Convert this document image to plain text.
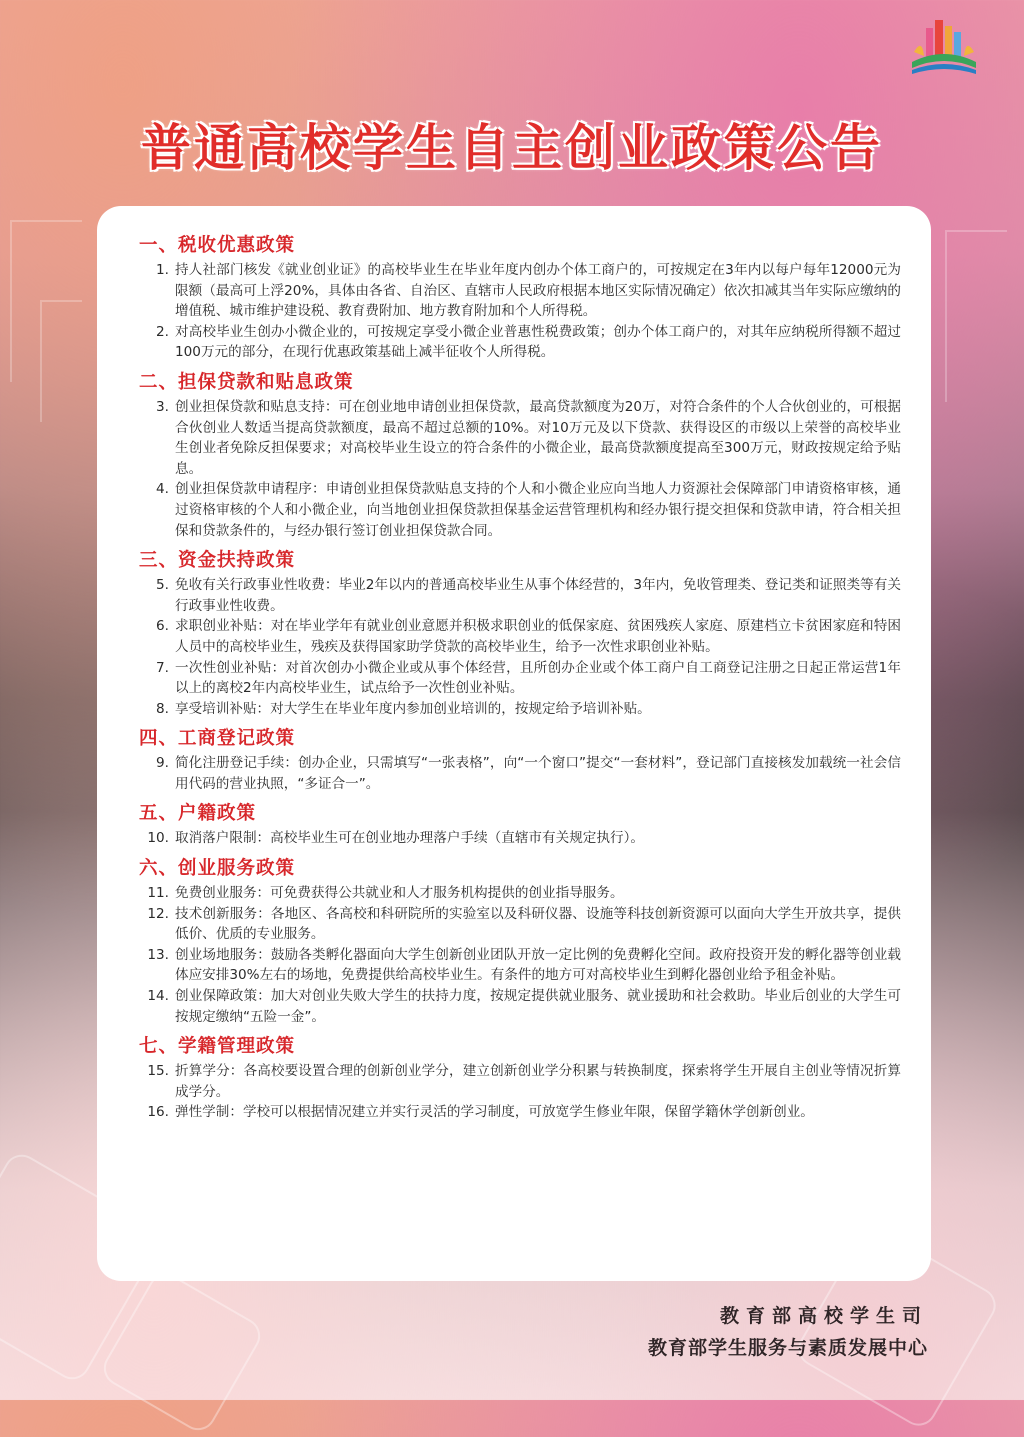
普通高校学生自主创业政策公告
一、税收优惠政策
1. 持人社部门核发《就业创业证》的高校毕业生在毕业年度内创办个体工商户的，可按规定在3年内以每户每年12000元为限额（最高可上浮20%，具体由各省、自治区、直辖市人民政府根据本地区实际情况确定）依次扣减其当年实际应缴纳的增值税、城市维护建设税、教育费附加、地方教育附加和个人所得税。
2. 对高校毕业生创办小微企业的，可按规定享受小微企业普惠性税费政策；创办个体工商户的，对其年应纳税所得额不超过100万元的部分，在现行优惠政策基础上减半征收个人所得税。
二、担保贷款和贴息政策
3. 创业担保贷款和贴息支持：可在创业地申请创业担保贷款，最高贷款额度为20万，对符合条件的个人合伙创业的，可根据合伙创业人数适当提高贷款额度，最高不超过总额的10%。对10万元及以下贷款、获得设区的市级以上荣誉的高校毕业生创业者免除反担保要求；对高校毕业生设立的符合条件的小微企业，最高贷款额度提高至300万元，财政按规定给予贴息。
4. 创业担保贷款申请程序：申请创业担保贷款贴息支持的个人和小微企业应向当地人力资源社会保障部门申请资格审核，通过资格审核的个人和小微企业，向当地创业担保贷款担保基金运营管理机构和经办银行提交担保和贷款申请，符合相关担保和贷款条件的，与经办银行签订创业担保贷款合同。
三、资金扶持政策
5. 免收有关行政事业性收费：毕业2年以内的普通高校毕业生从事个体经营的，3年内，免收管理类、登记类和证照类等有关行政事业性收费。
6. 求职创业补贴：对在毕业学年有就业创业意愿并积极求职创业的低保家庭、贫困残疾人家庭、原建档立卡贫困家庭和特困人员中的高校毕业生，残疾及获得国家助学贷款的高校毕业生，给予一次性求职创业补贴。
7. 一次性创业补贴：对首次创办小微企业或从事个体经营，且所创办企业或个体工商户自工商登记注册之日起正常运营1年以上的离校2年内高校毕业生，试点给予一次性创业补贴。
8. 享受培训补贴：对大学生在毕业年度内参加创业培训的，按规定给予培训补贴。
四、工商登记政策
9. 简化注册登记手续：创办企业，只需填写“一张表格”，向“一个窗口”提交“一套材料”，登记部门直接核发加载统一社会信用代码的营业执照，“多证合一”。
五、户籍政策
10. 取消落户限制：高校毕业生可在创业地办理落户手续（直辖市有关规定执行）。
六、创业服务政策
11. 免费创业服务：可免费获得公共就业和人才服务机构提供的创业指导服务。
12. 技术创新服务：各地区、各高校和科研院所的实验室以及科研仪器、设施等科技创新资源可以面向大学生开放共享，提供低价、优质的专业服务。
13. 创业场地服务：鼓励各类孵化器面向大学生创新创业团队开放一定比例的免费孵化空间。政府投资开发的孵化器等创业载体应安排30%左右的场地，免费提供给高校毕业生。有条件的地方可对高校毕业生到孵化器创业给予租金补贴。
14. 创业保障政策：加大对创业失败大学生的扶持力度，按规定提供就业服务、就业援助和社会救助。毕业后创业的大学生可按规定缴纳“五险一金”。
七、学籍管理政策
15. 折算学分：各高校要设置合理的创新创业学分，建立创新创业学分积累与转换制度，探索将学生开展自主创业等情况折算成学分。
16. 弹性学制：学校可以根据情况建立并实行灵活的学习制度，可放宽学生修业年限，保留学籍休学创新创业。
教育部高校学生司
教育部学生服务与素质发展中心
